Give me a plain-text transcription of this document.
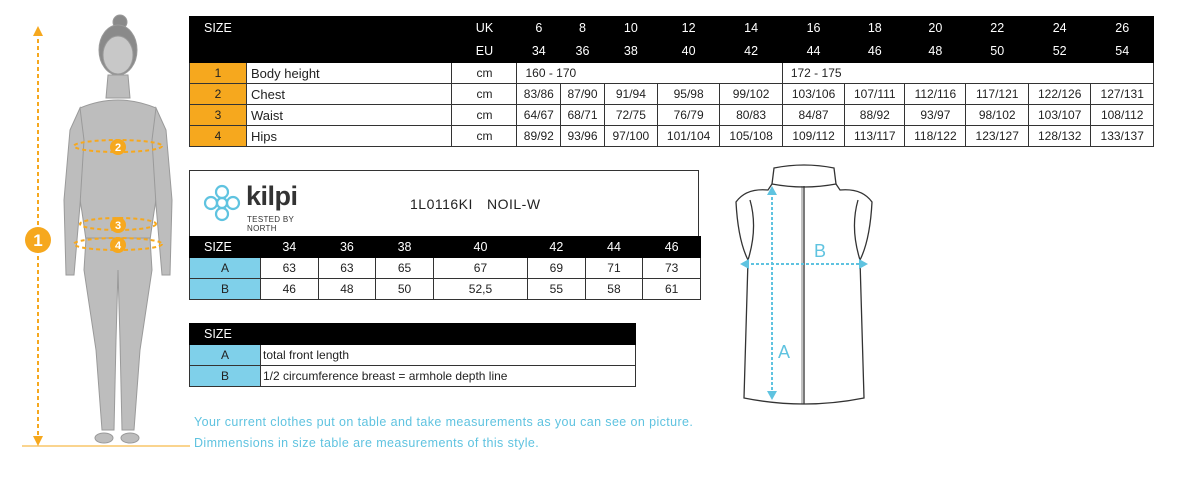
1
2
3
4
SIZE		UK	6	8	10	12	14	16	18	20	22	24	26
		EU	34	36	38	40	42	44	46	48	50	52	54
1	Body height	cm	160 - 170					172 - 175					
2	Chest	cm	83/86	87/90	91/94	95/98	99/102	103/106	107/111	112/116	117/121	122/126	127/131
3	Waist	cm	64/67	68/71	72/75	76/79	80/83	84/87	88/92	93/97	98/102	103/107	108/112
4	Hips	cm	89/92	93/96	97/100	101/104	105/108	109/112	113/117	118/122	123/127	128/132	133/137
kilpi
TESTED BY NORTH
1L0116KI NOIL-W
SIZE	34	36	38	40	42	44	46
A	63	63	65	67	69	71	73
B	46	48	50	52,5	55	58	61
SIZE	
A	total front length
B	1/2 circumference breast = armhole depth line
A
B
Your current clothes put on table and take measurements as you can see on picture.
Dimmensions in size table are measurements of this style.
